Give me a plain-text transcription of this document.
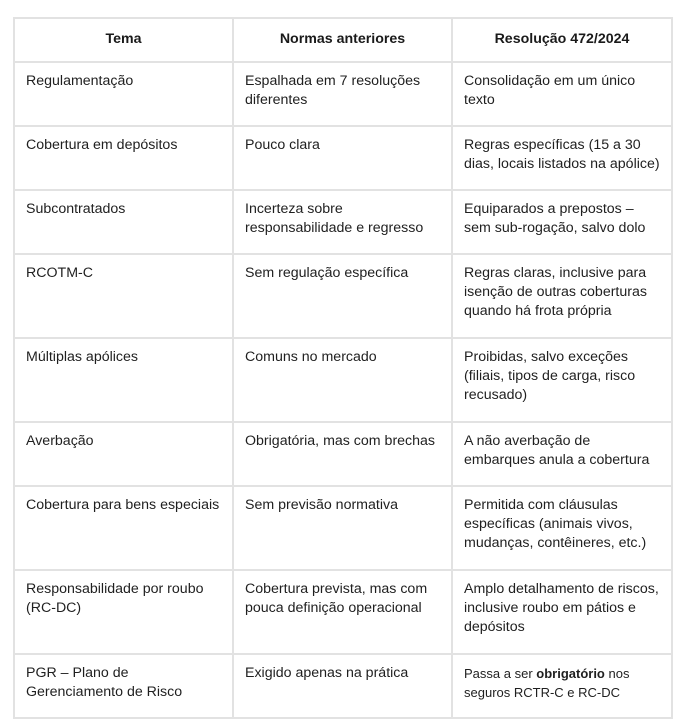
Tema	Normas anteriores	Resolução 472/2024
Regulamentação	Espalhada em 7 resoluções diferentes	Consolidação em um único texto
Cobertura em depósitos	Pouco clara	Regras específicas (15 a 30 dias, locais listados na apólice)
Subcontratados	Incerteza sobre responsabilidade e regresso	Equiparados a prepostos – sem sub-rogação, salvo dolo
RCOTM-C	Sem regulação específica	Regras claras, inclusive para isenção de outras coberturas quando há frota própria
Múltiplas apólices	Comuns no mercado	Proibidas, salvo exceções (filiais, tipos de carga, risco recusado)
Averbação	Obrigatória, mas com brechas	A não averbação de embarques anula a cobertura
Cobertura para bens especiais	Sem previsão normativa	Permitida com cláusulas específicas (animais vivos, mudanças, contêineres, etc.)
Responsabilidade por roubo (RC-DC)	Cobertura prevista, mas com pouca definição operacional	Amplo detalhamento de riscos, inclusive roubo em pátios e depósitos
PGR – Plano de Gerenciamento de Risco	Exigido apenas na prática	Passa a ser obrigatório nos seguros RCTR-C e RC-DC
